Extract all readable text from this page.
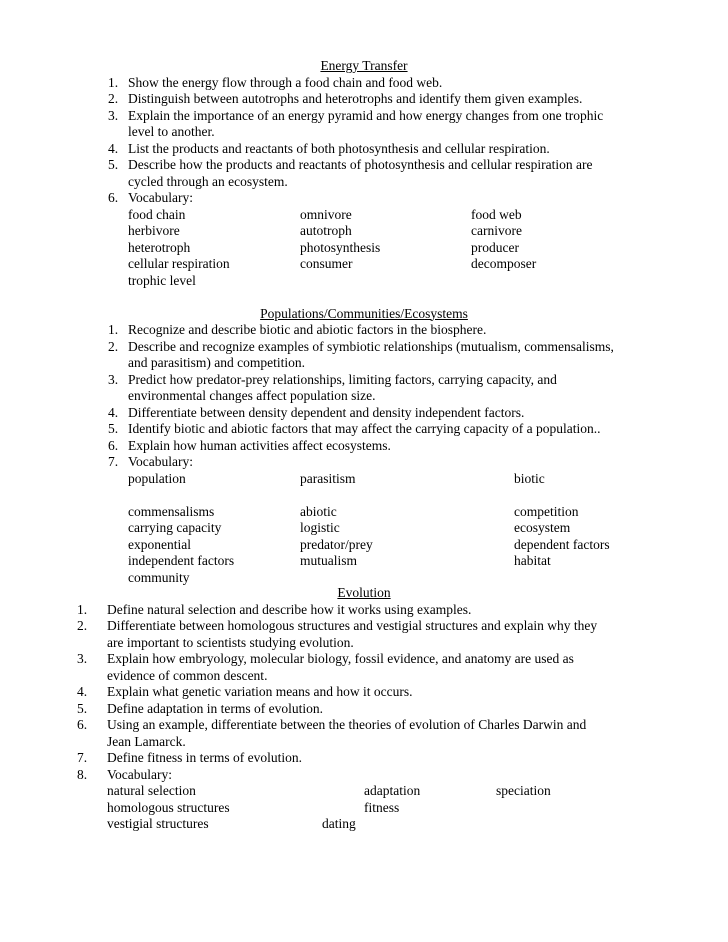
Energy Transfer
1. Show the energy flow through a food chain and food web.
2. Distinguish between autotrophs and heterotrophs and identify them given examples.
3. Explain the importance of an energy pyramid and how energy changes from one trophic
level to another.
4. List the products and reactants of both photosynthesis and cellular respiration.
5. Describe how the products and reactants of photosynthesis and cellular respiration are
cycled through an ecosystem.
6. Vocabulary:
food chain	omnivore	food web
herbivore	autotroph	carnivore
heterotroph	photosynthesis	producer
cellular respiration	consumer	decomposer
trophic level
Populations/Communities/Ecosystems
1. Recognize and describe biotic and abiotic factors in the biosphere.
2. Describe and recognize examples of symbiotic relationships (mutualism, commensalisms,
and parasitism) and competition.
3. Predict how predator-prey relationships, limiting factors, carrying capacity, and
environmental changes affect population size.
4. Differentiate between density dependent and density independent factors.
5. Identify biotic and abiotic factors that may affect the carrying capacity of a population..
6. Explain how human activities affect ecosystems.
7. Vocabulary:
population	parasitism	biotic
commensalisms	abiotic	competition
carrying capacity	logistic	ecosystem
exponential	predator/prey	dependent factors
independent factors	mutualism	habitat
community
Evolution
1. Define natural selection and describe how it works using examples.
2. Differentiate between homologous structures and vestigial structures and explain why they
are important to scientists studying evolution.
3. Explain how embryology, molecular biology, fossil evidence, and anatomy are used as
evidence of common descent.
4. Explain what genetic variation means and how it occurs.
5. Define adaptation in terms of evolution.
6. Using an example, differentiate between the theories of evolution of Charles Darwin and
Jean Lamarck.
7. Define fitness in terms of evolution.
8. Vocabulary:
natural selection	adaptation	speciation
homologous structures	fitness
vestigial structures	dating
